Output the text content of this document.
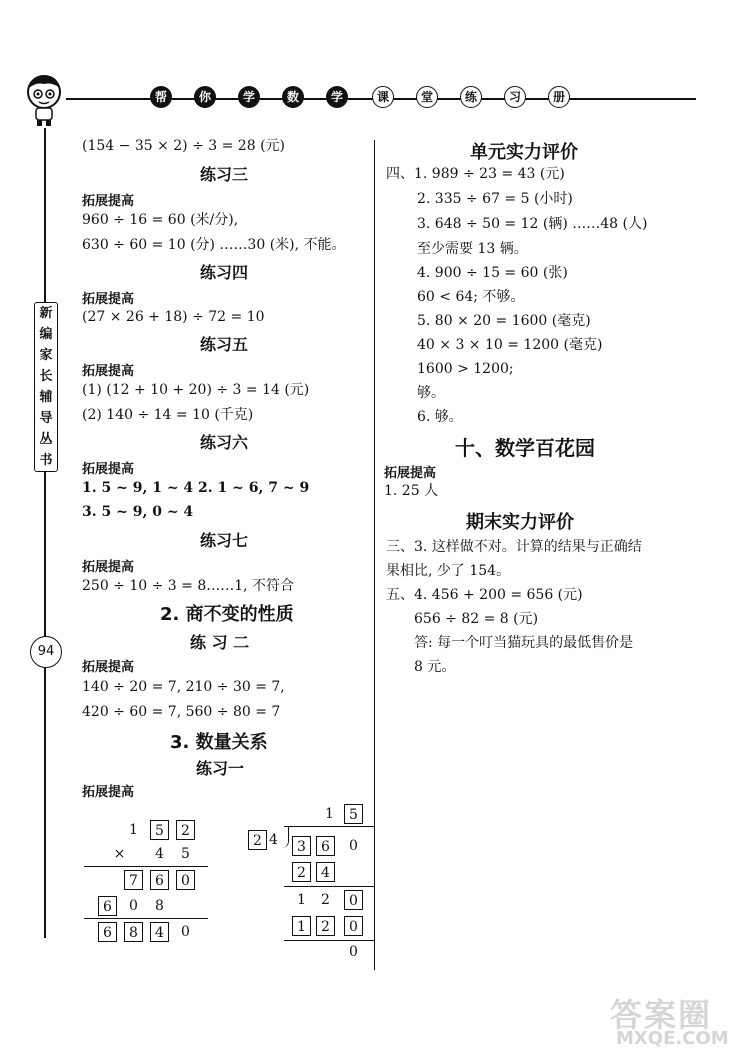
帮	你	学	数	学	课	堂	练	习	册
新
编
家
长
辅
导
丛
书
94
(154 − 35 × 2) ÷ 3 = 28 (元)
练习三
拓展提高
960 ÷ 16 = 60 (米/分),
630 ÷ 60 = 10 (分) ……30 (米), 不能。
练习四
拓展提高
(27 × 26 + 18) ÷ 72 = 10
练习五
拓展提高
(1) (12 + 10 + 20) ÷ 3 = 14 (元)
(2) 140 ÷ 14 = 10 (千克)
练习六
拓展提高
1. 5 ~ 9, 1 ~ 4 2. 1 ~ 6, 7 ~ 9
3. 5 ~ 9, 0 ~ 4
练习七
拓展提高
250 ÷ 10 ÷ 3 = 8……1, 不符合
2. 商不变的性质
练 习 二
拓展提高
140 ÷ 20 = 7, 210 ÷ 30 = 7,
420 ÷ 60 = 7, 560 ÷ 80 = 7
3. 数量关系
练习一
拓展提高
1	5	2
×	4	5
7	6	0
6	0	8
6	8	4	0
1	5
2 4	3	6	0
2	4
1	2	0
1	2	0
0
单元实力评价
四、1. 989 ÷ 23 = 43 (元)
2. 335 ÷ 67 = 5 (小时)
3. 648 ÷ 50 = 12 (辆) ……48 (人)
至少需要 13 辆。
4. 900 ÷ 15 = 60 (张)
60 < 64; 不够。
5. 80 × 20 = 1600 (毫克)
40 × 3 × 10 = 1200 (毫克)
1600 > 1200;
够。
6. 够。
十、数学百花园
拓展提高
1. 25 人
期末实力评价
三、3. 这样做不对。计算的结果与正确结
果相比, 少了 154。
五、4. 456 + 200 = 656 (元)
656 ÷ 82 = 8 (元)
答: 每一个叮当猫玩具的最低售价是
8 元。
答案圈
MXQE.COM
